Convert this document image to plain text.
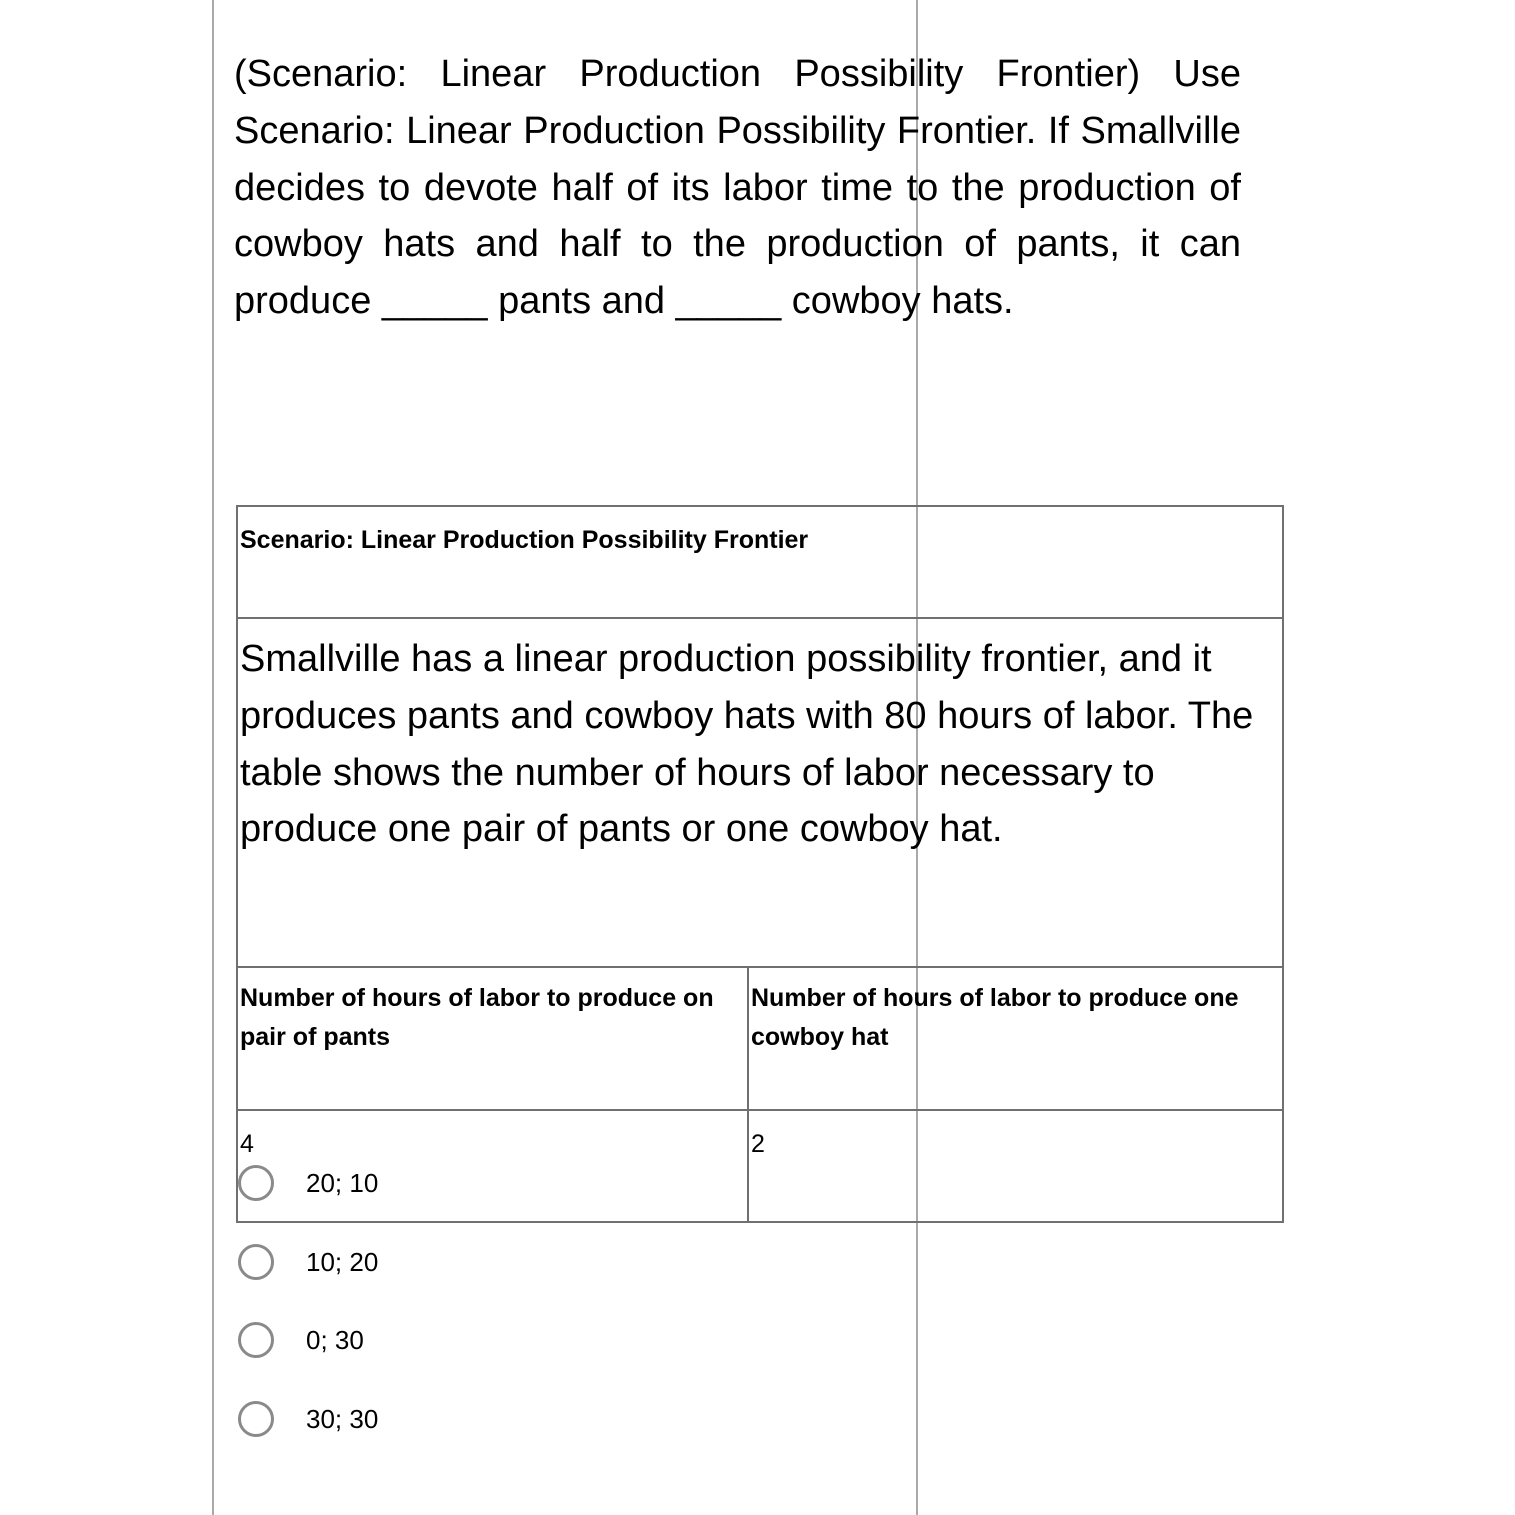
(Scenario: Linear Production Possibility Frontier) Use Scenario: Linear Production Possibility Frontier. If Smallville decides to devote half of its labor time to the production of cowboy hats and half to the production of pants, it can produce _____ pants and _____ cowboy hats.

Scenario: Linear Production Possibility Frontier	
Smallville has a linear production possibility frontier, and it produces pants and cowboy hats with 80 hours of labor. The table shows the number of hours of labor necessary to produce one pair of pants or one cowboy hat.	
Number of hours of labor to produce on pair of pants	Number of hours of labor to produce one cowboy hat
4	2
20; 10
10; 20
0; 30
30; 30
